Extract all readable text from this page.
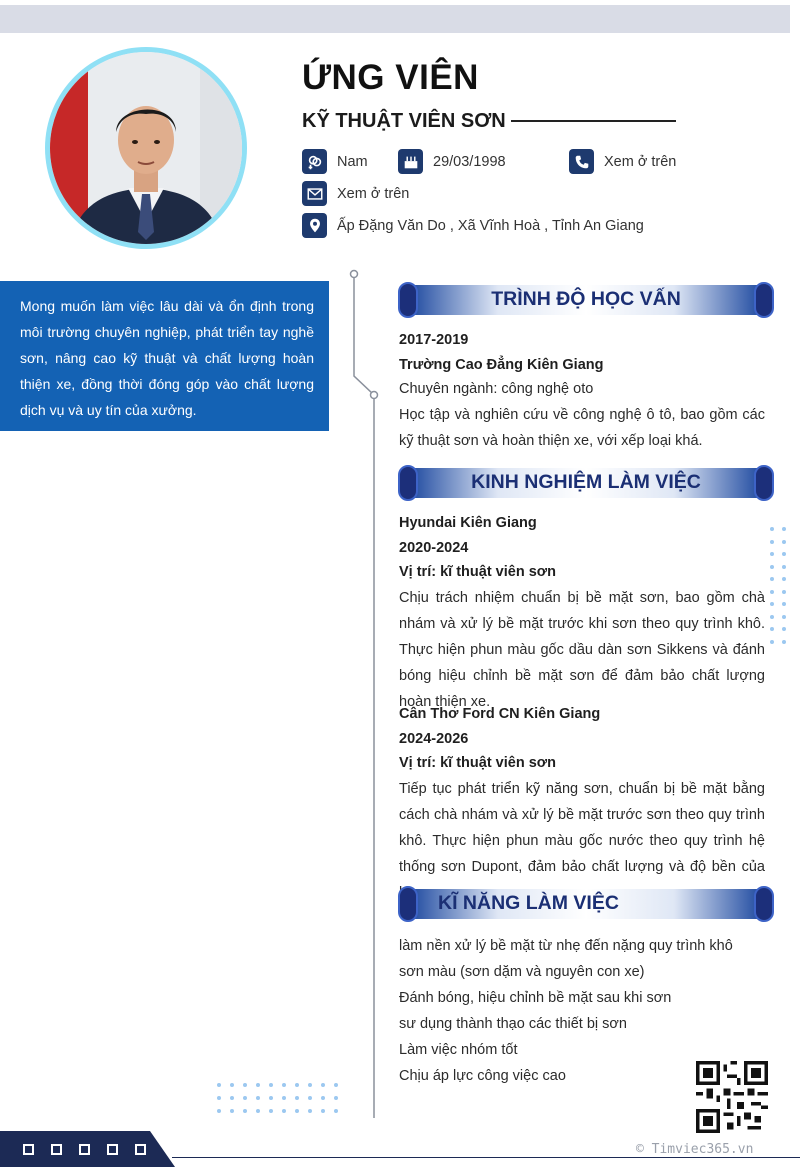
ỨNG VIÊN
KỸ THUẬT VIÊN SƠN
Nam	29/03/1998	Xem ở trên
Xem ở trên
Ấp Đặng Văn Do , Xã Vĩnh Hoà , Tỉnh An Giang
Mong muốn làm việc lâu dài và ổn định trong môi trường chuyên nghiệp, phát triển tay nghề sơn, nâng cao kỹ thuật và chất lượng hoàn thiện xe, đồng thời đóng góp vào chất lượng dịch vụ và uy tín của xưởng.
TRÌNH ĐỘ HỌC VẤN
2017-2019
Trường Cao Đẳng Kiên Giang
Chuyên ngành: công nghệ oto
Học tập và nghiên cứu về công nghệ ô tô, bao gồm các kỹ thuật sơn và hoàn thiện xe, với xếp loại khá.
KINH NGHIỆM LÀM VIỆC
Hyundai Kiên Giang
2020-2024
Vị trí: kĩ thuật viên sơn
Chịu trách nhiệm chuẩn bị bề mặt sơn, bao gồm chà nhám và xử lý bề mặt trước khi sơn theo quy trình khô. Thực hiện phun màu gốc dầu dàn sơn Sikkens và đánh bóng hiệu chỉnh bề mặt sơn để đảm bảo chất lượng hoàn thiện xe.
Cân Thơ Ford CN Kiên Giang
2024-2026
Vị trí: kĩ thuật viên sơn
Tiếp tục phát triển kỹ năng sơn, chuẩn bị bề mặt bằng cách chà nhám và xử lý bề mặt trước sơn theo quy trình khô. Thực hiện phun màu gốc nước theo quy trình hệ thống sơn Dupont, đảm bảo chất lượng và độ bền của
KĨ NĂNG LÀM VIỆC
làm nền xử lý bề mặt từ nhẹ đến nặng quy trình khô
sơn màu (sơn dặm và nguyên con xe)
Đánh bóng, hiệu chỉnh bề mặt sau khi sơn
sư dụng thành thạo các thiết bị sơn
Làm việc nhóm tốt
Chịu áp lực công việc cao
© Timviec365.vn
